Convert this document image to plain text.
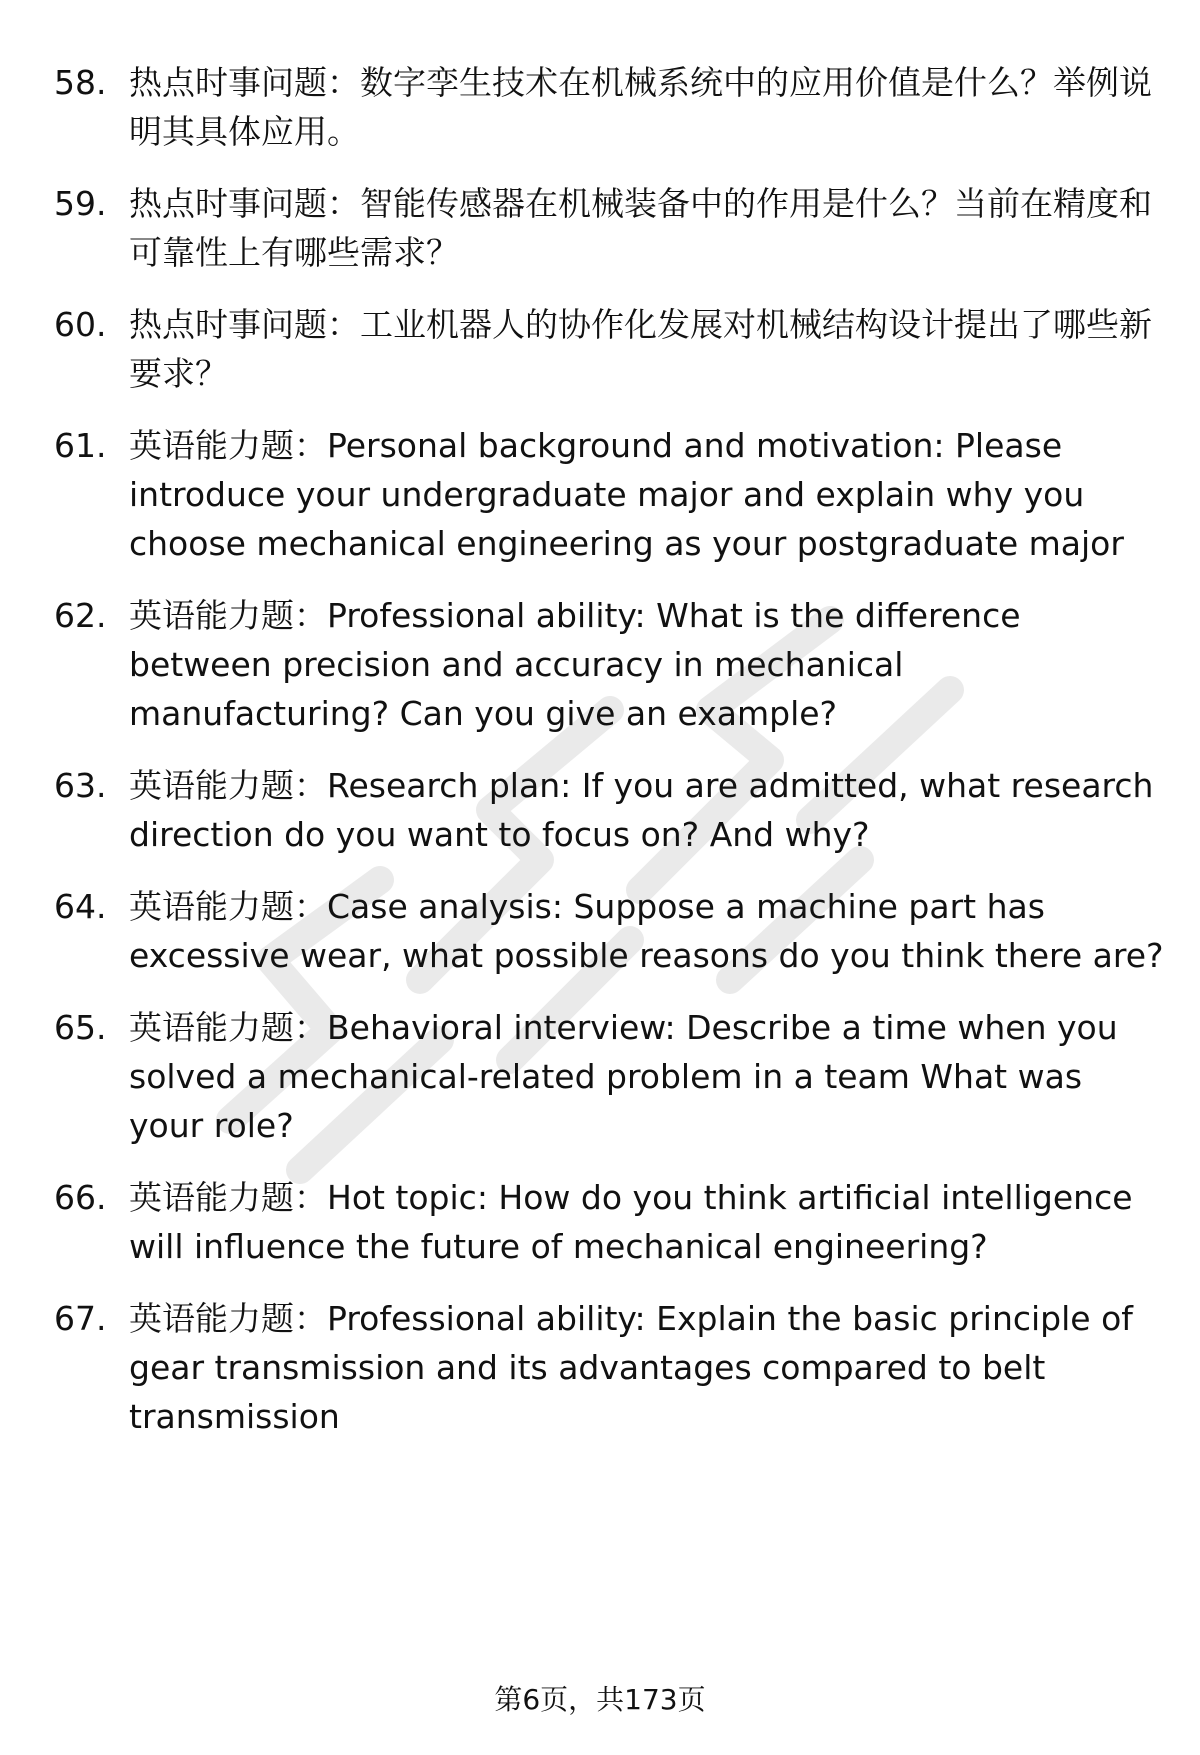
58. 热点时事问题：数字孪生技术在机械系统中的应用价值是什么？举例说明其具体应用。
59. 热点时事问题：智能传感器在机械装备中的作用是什么？当前在精度和可靠性上有哪些需求？
60. 热点时事问题：工业机器人的协作化发展对机械结构设计提出了哪些新要求？
61. 英语能力题：Personal background and motivation: Please introduce your undergraduate major and explain why you choose mechanical engineering as your postgraduate major
62. 英语能力题：Professional ability: What is the difference between precision and accuracy in mechanical manufacturing? Can you give an example?
63. 英语能力题：Research plan: If you are admitted, what research direction do you want to focus on? And why?
64. 英语能力题：Case analysis: Suppose a machine part has excessive wear, what possible reasons do you think there are?
65. 英语能力题：Behavioral interview: Describe a time when you solved a mechanical-related problem in a team What was your role?
66. 英语能力题：Hot topic: How do you think artificial intelligence will influence the future of mechanical engineering?
67. 英语能力题：Professional ability: Explain the basic principle of gear transmission and its advantages compared to belt transmission
第6页，共173页
